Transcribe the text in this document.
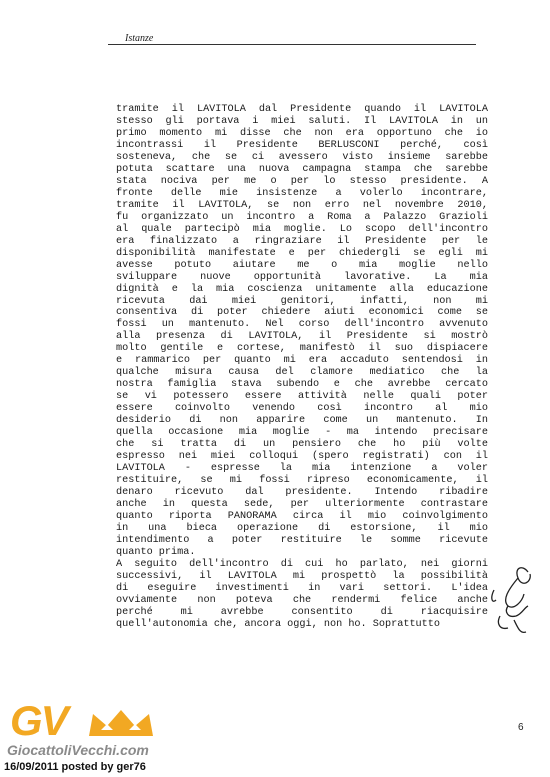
Istanze
tramite il LAVITOLA dal Presidente quando il LAVITOLA
stesso gli portava i miei saluti. Il LAVITOLA in un
primo momento mi disse che non era opportuno che io
incontrassi il Presidente BERLUSCONI perché, così
sosteneva, che se ci avessero visto insieme sarebbe
potuta scattare una nuova campagna stampa che sarebbe
stata nociva per me o per lo stesso presidente. A
fronte delle mie insistenze a volerlo incontrare,
tramite il LAVITOLA, se non erro nel novembre 2010,
fu organizzato un incontro a Roma a Palazzo Grazioli
al quale partecipò mia moglie. Lo scopo dell'incontro
era finalizzato a ringraziare il Presidente per le
disponibilità manifestate e per chiedergli se egli mi
avesse potuto aiutare me o mia moglie nello
sviluppare nuove opportunità lavorative. La mia
dignità e la mia coscienza unitamente alla educazione
ricevuta dai miei genitori, infatti, non mi
consentiva di poter chiedere aiuti economici come se
fossi un mantenuto. Nel corso dell'incontro avvenuto
alla presenza di LAVITOLA, il Presidente si mostrò
molto gentile e cortese, manifestò il suo dispiacere
e rammarico per quanto mi era accaduto sentendosi in
qualche misura causa del clamore mediatico che la
nostra famiglia stava subendo e che avrebbe cercato
se vi potessero essere attività nelle quali poter
essere coinvolto venendo così incontro al mio
desiderio di non apparire come un mantenuto. In
quella occasione mia moglie - ma intendo precisare
che si tratta di un pensiero che ho più volte
espresso nei miei colloqui (spero registrati) con il
LAVITOLA - espresse la mia intenzione a voler
restituire, se mi fossi ripreso economicamente, il
denaro ricevuto dal presidente. Intendo ribadire
anche in questa sede, per ulteriormente contrastare
quanto riporta PANORAMA circa il mio coinvolgimento
in una bieca operazione di estorsione, il mio
intendimento a poter restituire le somme ricevute
quanto prima.
A seguito dell'incontro di cui ho parlato, nei giorni
successivi, il LAVITOLA mi prospettò la possibilità
di eseguire investimenti in vari settori. L'idea
ovviamente non poteva che rendermi felice anche
perché mi avrebbe consentito di riacquisire
quell'autonomia che, ancora oggi, non ho. Soprattutto
6
GV
GiocattoliVecchi.com
16/09/2011 posted by ger76
